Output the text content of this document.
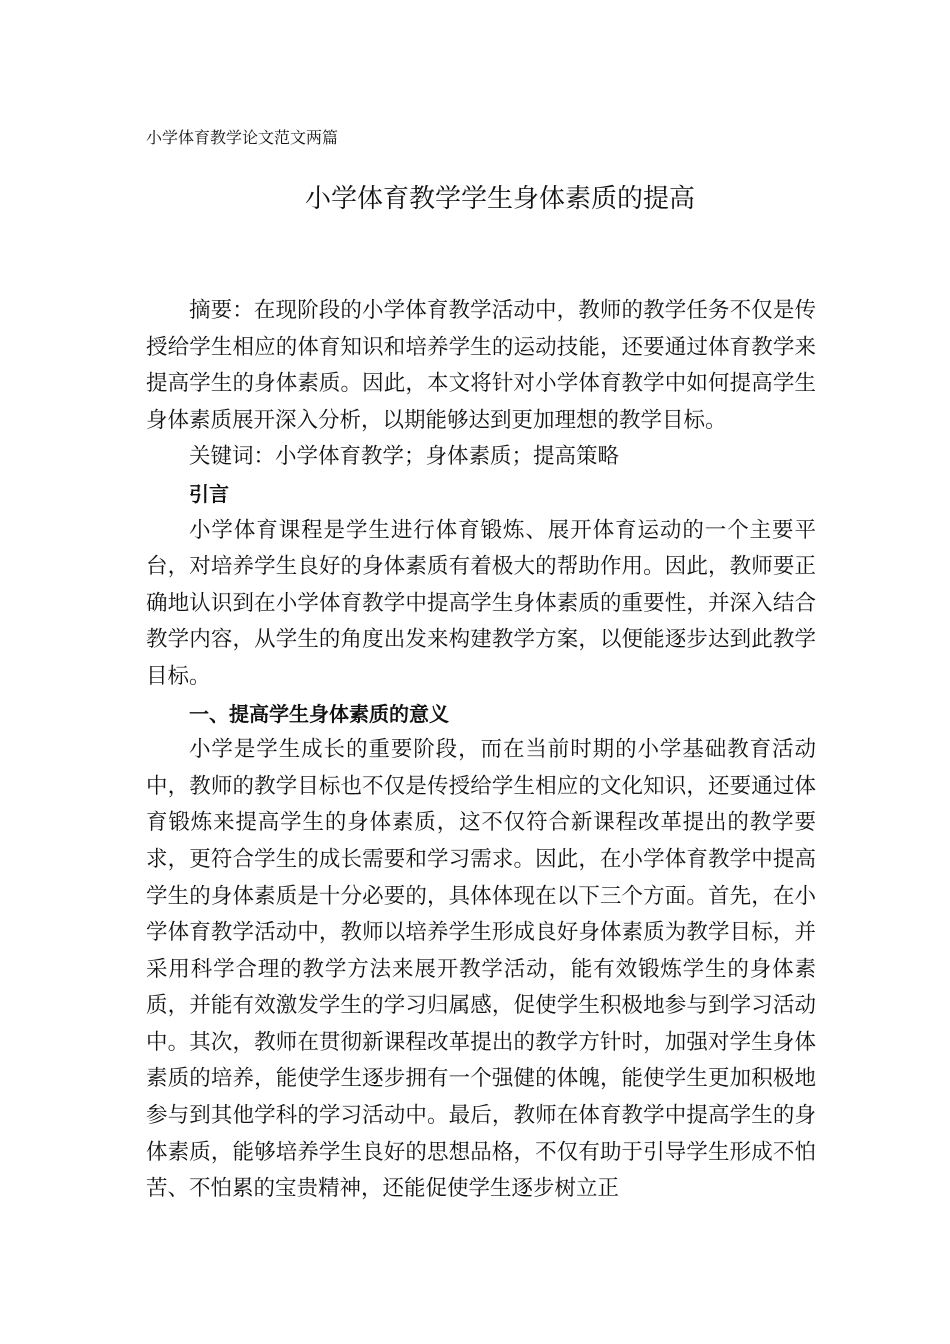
小学体育教学论文范文两篇
小学体育教学学生身体素质的提高

摘要：在现阶段的小学体育教学活动中，教师的教学任务不仅是传授给学生相应的体育知识和培养学生的运动技能，还要通过体育教学来提高学生的身体素质。因此，本文将针对小学体育教学中如何提高学生身体素质展开深入分析，以期能够达到更加理想的教学目标。

关键词：小学体育教学；身体素质；提高策略

引言

小学体育课程是学生进行体育锻炼、展开体育运动的一个主要平台，对培养学生良好的身体素质有着极大的帮助作用。因此，教师要正确地认识到在小学体育教学中提高学生身体素质的重要性，并深入结合教学内容，从学生的角度出发来构建教学方案，以便能逐步达到此教学目标。

一、提高学生身体素质的意义

小学是学生成长的重要阶段，而在当前时期的小学基础教育活动中，教师的教学目标也不仅是传授给学生相应的文化知识，还要通过体育锻炼来提高学生的身体素质，这不仅符合新课程改革提出的教学要求，更符合学生的成长需要和学习需求。因此，在小学体育教学中提高学生的身体素质是十分必要的，具体体现在以下三个方面。首先，在小学体育教学活动中，教师以培养学生形成良好身体素质为教学目标，并采用科学合理的教学方法来展开教学活动，能有效锻炼学生的身体素质，并能有效激发学生的学习归属感，促使学生积极地参与到学习活动中。其次，教师在贯彻新课程改革提出的教学方针时，加强对学生身体素质的培养，能使学生逐步拥有一个强健的体魄，能使学生更加积极地参与到其他学科的学习活动中。最后，教师在体育教学中提高学生的身体素质，能够培养学生良好的思想品格，不仅有助于引导学生形成不怕苦、不怕累的宝贵精神，还能促使学生逐步树立正
